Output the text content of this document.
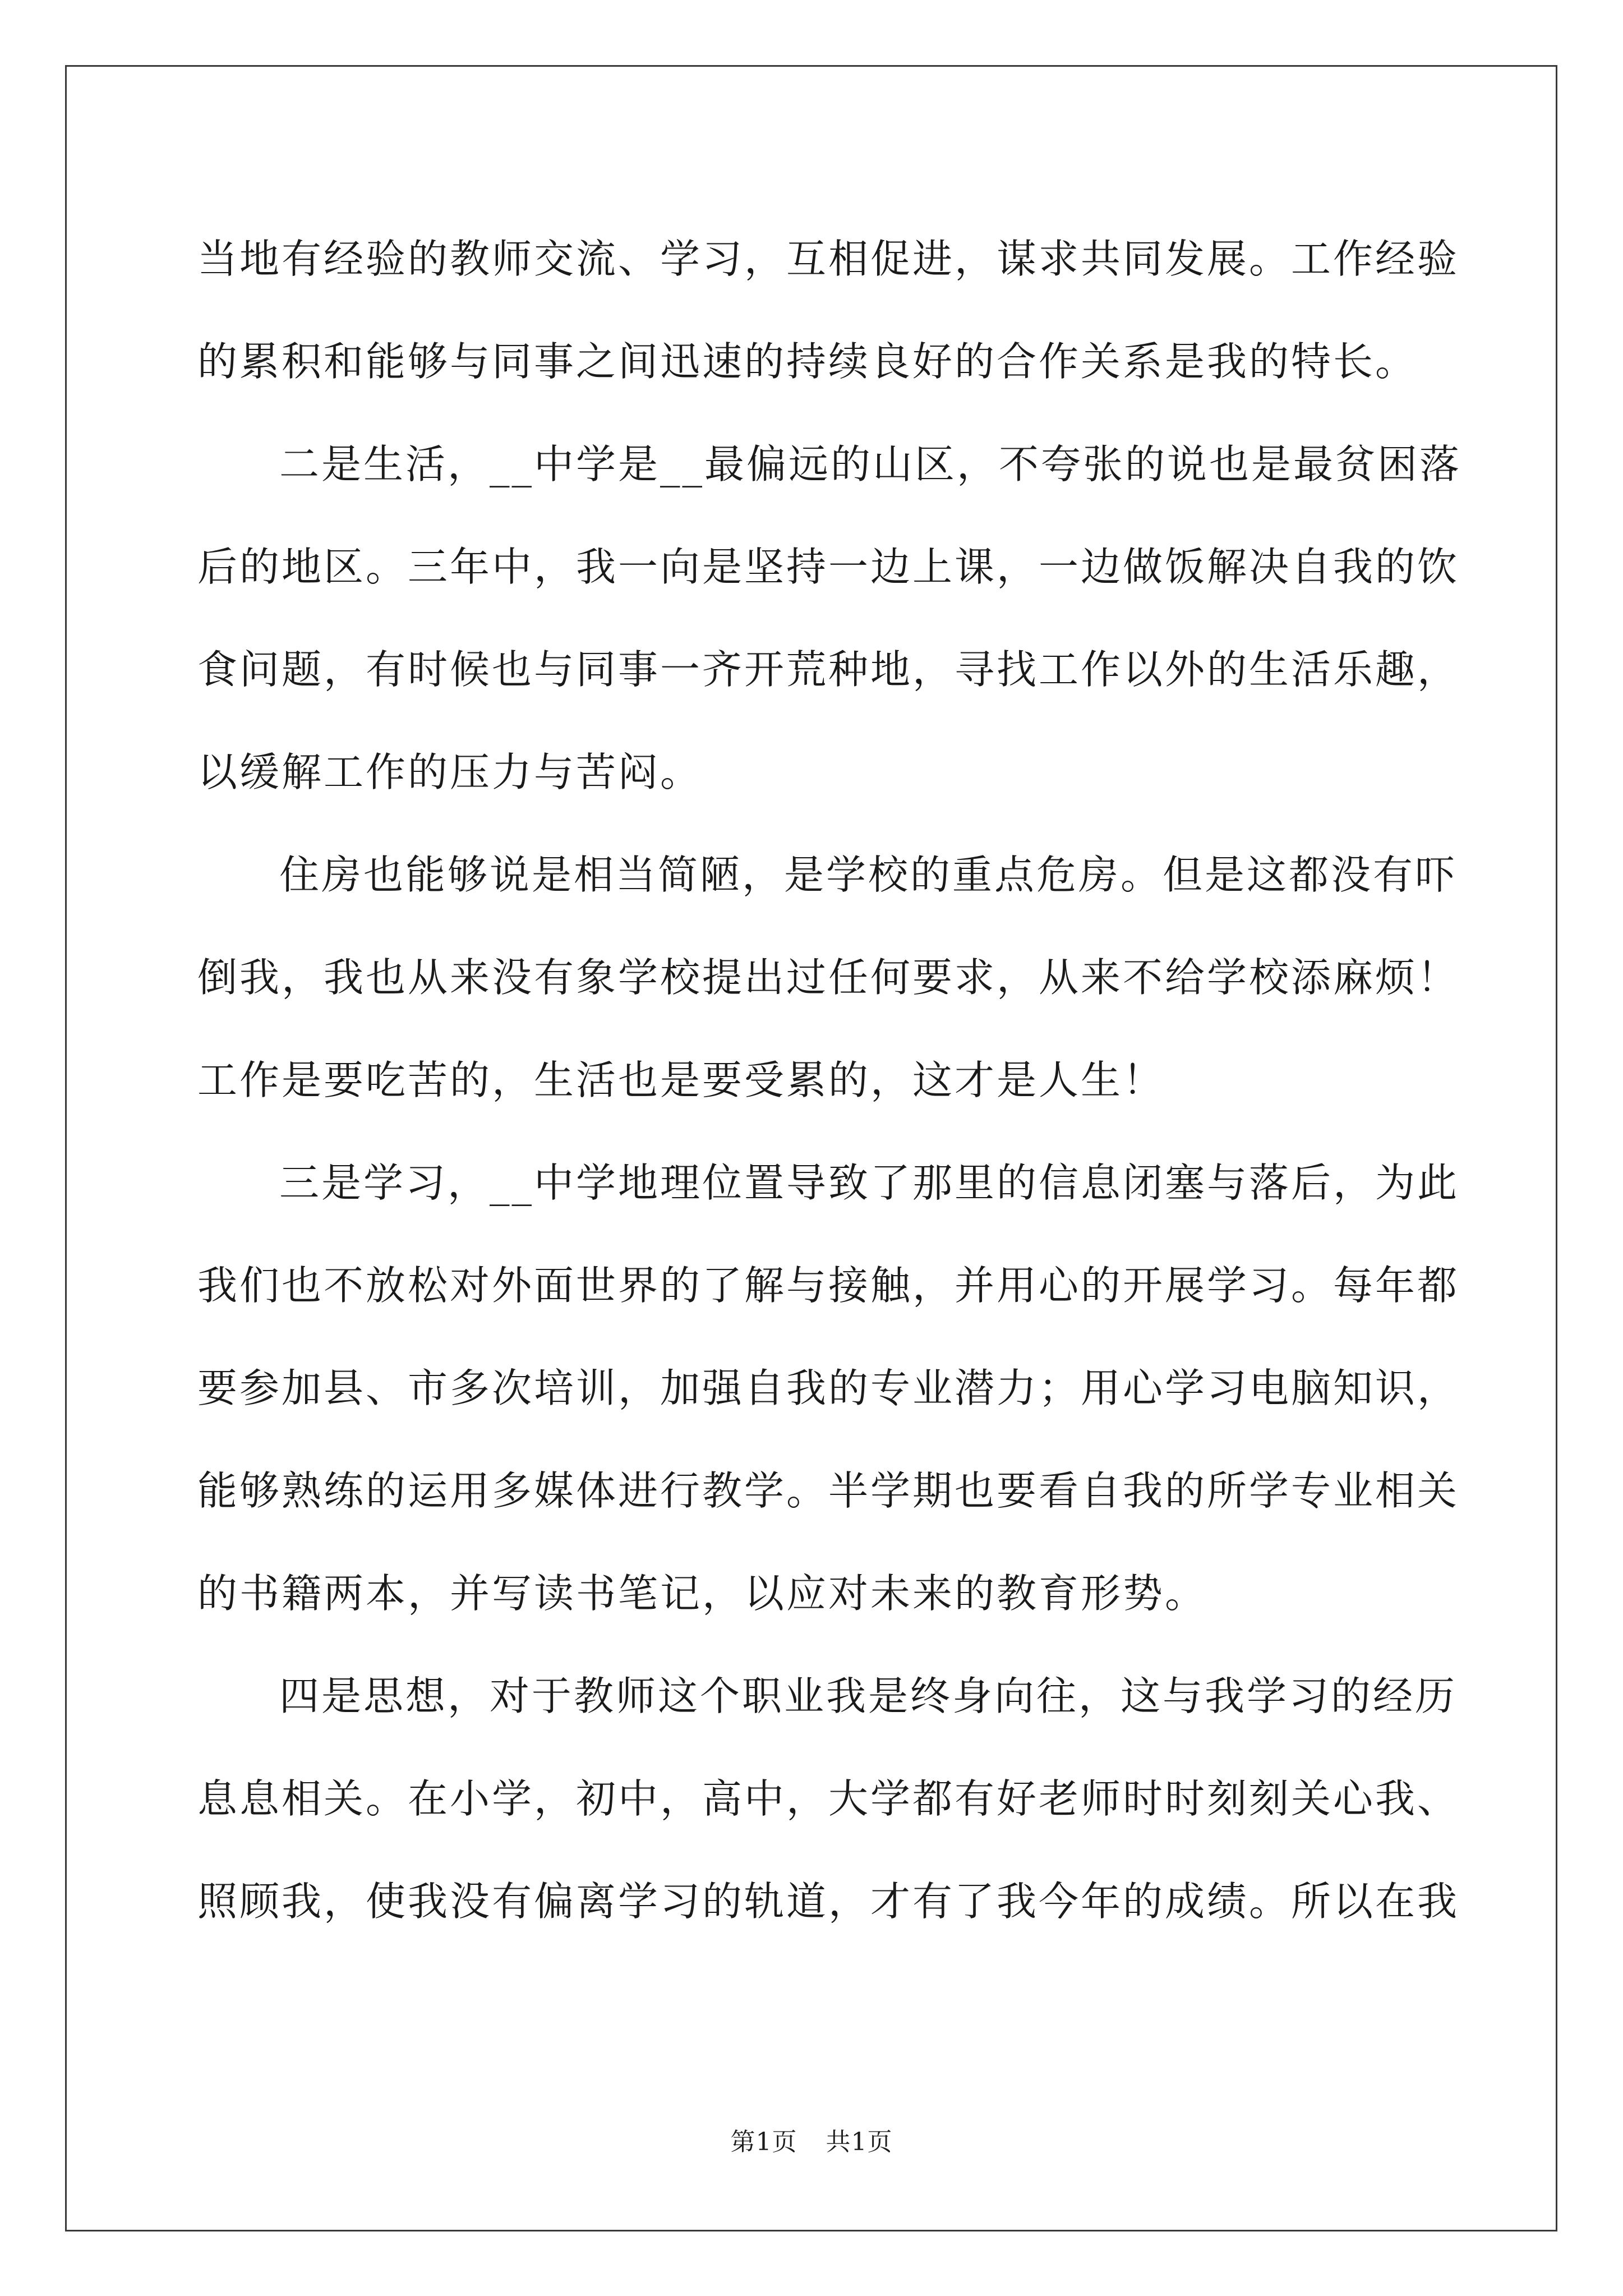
当地有经验的教师交流、学习，互相促进，谋求共同发展。工作经验
的累积和能够与同事之间迅速的持续良好的合作关系是我的特长。
二是生活，__中学是__最偏远的山区，不夸张的说也是最贫困落
后的地区。三年中，我一向是坚持一边上课，一边做饭解决自我的饮
食问题，有时候也与同事一齐开荒种地，寻找工作以外的生活乐趣，
以缓解工作的压力与苦闷。
住房也能够说是相当简陋，是学校的重点危房。但是这都没有吓
倒我，我也从来没有象学校提出过任何要求，从来不给学校添麻烦！
工作是要吃苦的，生活也是要受累的，这才是人生！
三是学习，__中学地理位置导致了那里的信息闭塞与落后，为此
我们也不放松对外面世界的了解与接触，并用心的开展学习。每年都
要参加县、市多次培训，加强自我的专业潜力；用心学习电脑知识，
能够熟练的运用多媒体进行教学。半学期也要看自我的所学专业相关
的书籍两本，并写读书笔记，以应对未来的教育形势。
四是思想，对于教师这个职业我是终身向往，这与我学习的经历
息息相关。在小学，初中，高中，大学都有好老师时时刻刻关心我、
照顾我，使我没有偏离学习的轨道，才有了我今年的成绩。所以在我
第1页 共1页
